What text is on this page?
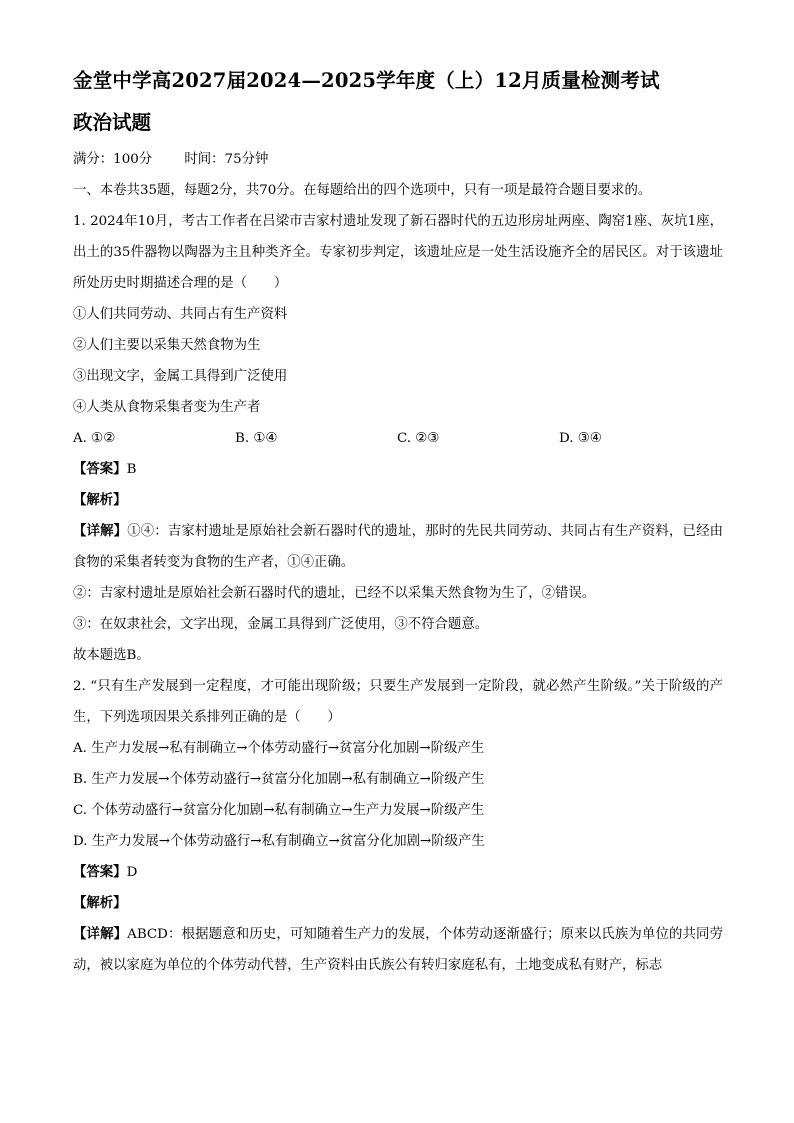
金堂中学高2027届2024—2025学年度（上）12月质量检测考试
政治试题
满分：100分 时间：75分钟
一、本卷共35题，每题2分，共70分。在每题给出的四个选项中，只有一项是最符合题目要求的。
1. 2024年10月，考古工作者在吕梁市吉家村遗址发现了新石器时代的五边形房址两座、陶窑1座、灰坑1座，出土的35件器物以陶器为主且种类齐全。专家初步判定，该遗址应是一处生活设施齐全的居民区。对于该遗址所处历史时期描述合理的是（　　）
①人们共同劳动、共同占有生产资料
②人们主要以采集天然食物为生
③出现文字，金属工具得到广泛使用
④人类从食物采集者变为生产者
A. ①②	B. ①④	C. ②③	D. ③④
【答案】B
【解析】
【详解】①④：吉家村遗址是原始社会新石器时代的遗址，那时的先民共同劳动、共同占有生产资料，已经由食物的采集者转变为食物的生产者，①④正确。
②：吉家村遗址是原始社会新石器时代的遗址，已经不以采集天然食物为生了，②错误。
③：在奴隶社会，文字出现，金属工具得到广泛使用，③不符合题意。
故本题选B。
2. “只有生产发展到一定程度，才可能出现阶级；只要生产发展到一定阶段，就必然产生阶级。”关于阶级的产生，下列选项因果关系排列正确的是（　　）
A. 生产力发展→私有制确立→个体劳动盛行→贫富分化加剧→阶级产生
B. 生产力发展→个体劳动盛行→贫富分化加剧→私有制确立→阶级产生
C. 个体劳动盛行→贫富分化加剧→私有制确立→生产力发展→阶级产生
D. 生产力发展→个体劳动盛行→私有制确立→贫富分化加剧→阶级产生
【答案】D
【解析】
【详解】ABCD：根据题意和历史，可知随着生产力的发展，个体劳动逐渐盛行；原来以氏族为单位的共同劳动，被以家庭为单位的个体劳动代替，生产资料由氏族公有转归家庭私有，土地变成私有财产，标志
